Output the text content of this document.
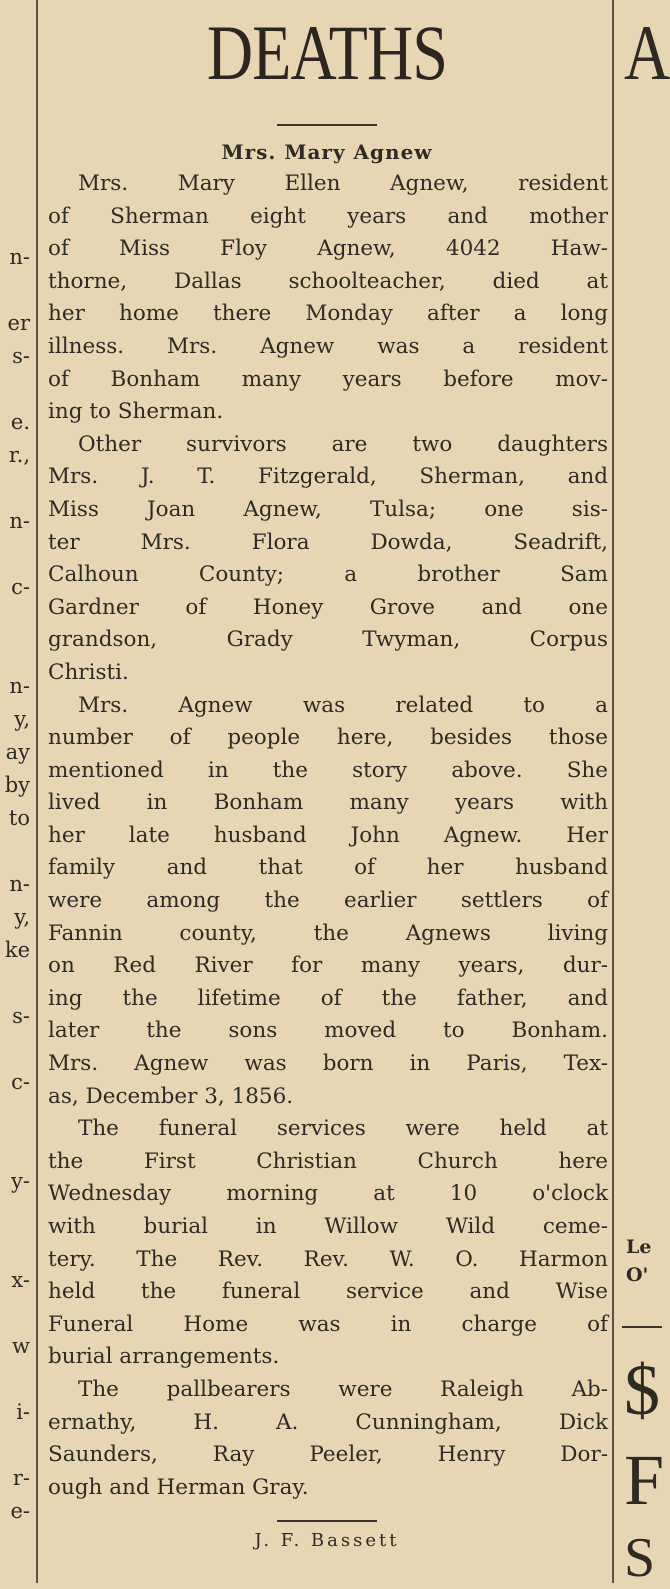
n-
er
s-
e.
r.,
n-
c-
n-
y,
ay
by
to
n-
y,
ke
s-
c-
y-
x-
w
i-
r-
e-
A
Le
O'
$
F
S
DEATHS
Mrs. Mary Agnew
Mrs. Mary Ellen Agnew, resident
of Sherman eight years and mother
of Miss Floy Agnew, 4042 Haw-
thorne, Dallas schoolteacher, died at
her home there Monday after a long
illness. Mrs. Agnew was a resident
of Bonham many years before mov-
ing to Sherman.
Other survivors are two daughters
Mrs. J. T. Fitzgerald, Sherman, and
Miss Joan Agnew, Tulsa; one sis-
ter Mrs. Flora Dowda, Seadrift,
Calhoun County; a brother Sam
Gardner of Honey Grove and one
grandson, Grady Twyman, Corpus
Christi.
Mrs. Agnew was related to a
number of people here, besides those
mentioned in the story above. She
lived in Bonham many years with
her late husband John Agnew. Her
family and that of her husband
were among the earlier settlers of
Fannin county, the Agnews living
on Red River for many years, dur-
ing the lifetime of the father, and
later the sons moved to Bonham.
Mrs. Agnew was born in Paris, Tex-
as, December 3, 1856.
The funeral services were held at
the First Christian Church here
Wednesday morning at 10 o'clock
with burial in Willow Wild ceme-
tery. The Rev. Rev. W. O. Harmon
held the funeral service and Wise
Funeral Home was in charge of
burial arrangements.
The pallbearers were Raleigh Ab-
ernathy, H. A. Cunningham, Dick
Saunders, Ray Peeler, Henry Dor-
ough and Herman Gray.
J. F. Bassett
